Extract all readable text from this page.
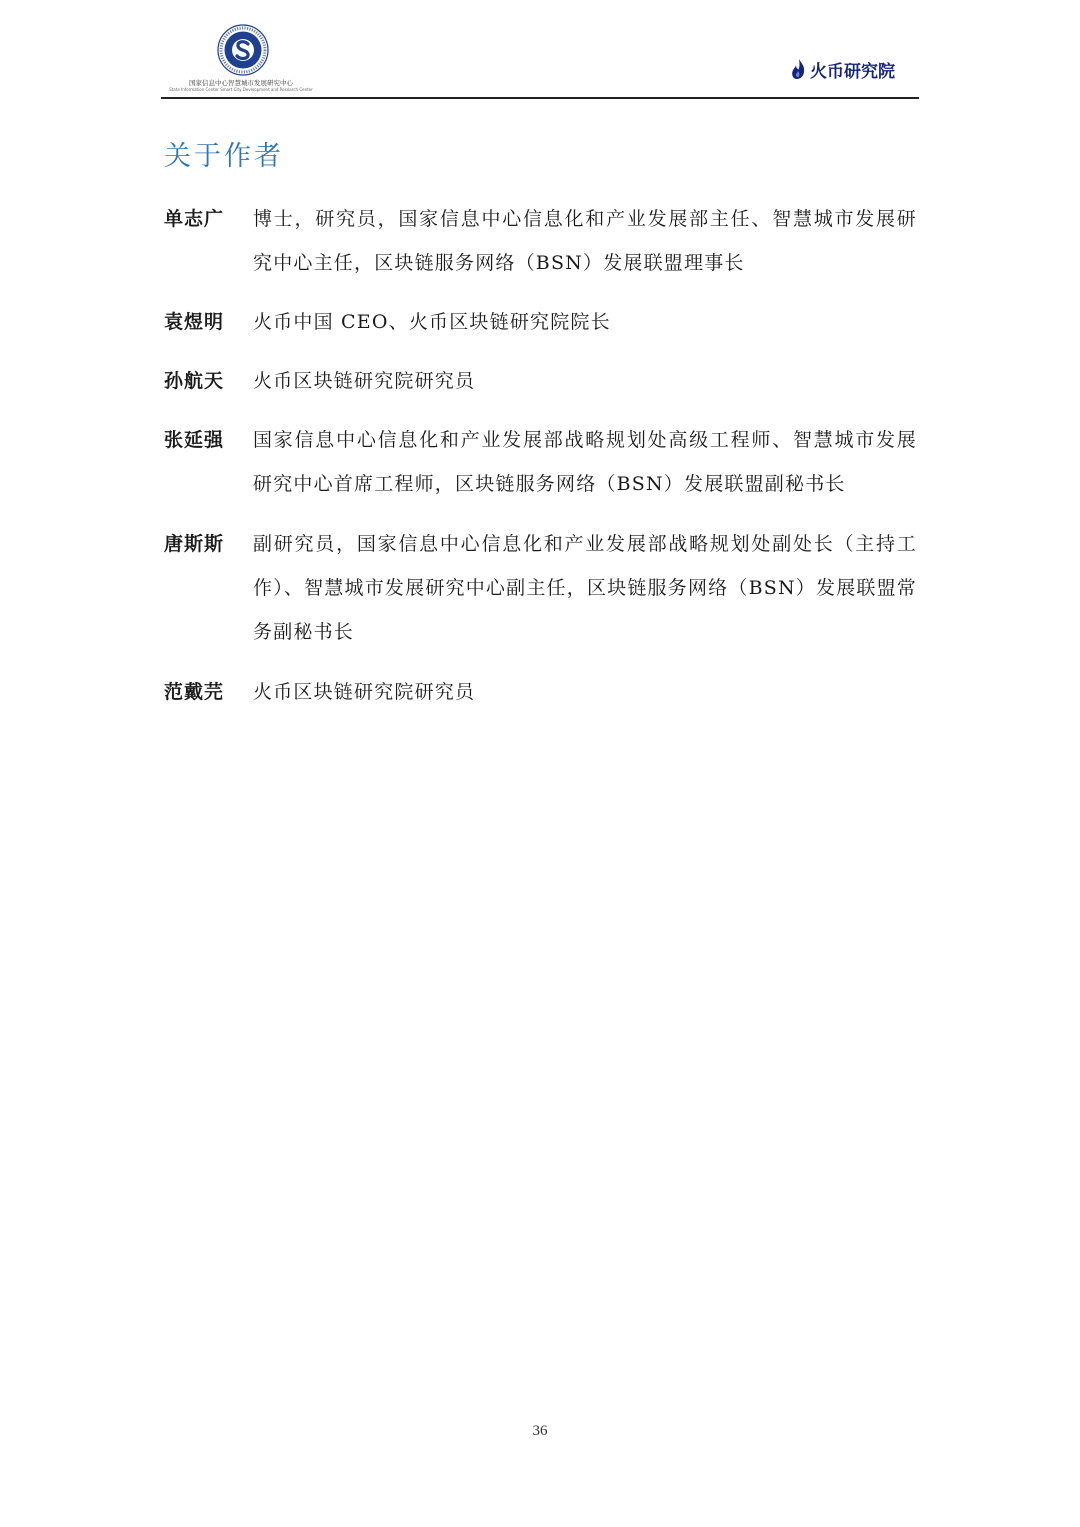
国家信息中心智慧城市发展研究中心
State Information Center Smart City Development and Research Center
火币研究院
关于作者
单志广 博士，研究员，国家信息中心信息化和产业发展部主任、智慧城市发展研究中心主任，区块链服务网络（BSN）发展联盟理事长

袁煜明 火币中国 CEO、火币区块链研究院院长

孙航天 火币区块链研究院研究员

张延强 国家信息中心信息化和产业发展部战略规划处高级工程师、智慧城市发展研究中心首席工程师，区块链服务网络（BSN）发展联盟副秘书长

唐斯斯 副研究员，国家信息中心信息化和产业发展部战略规划处副处长（主持工作）、智慧城市发展研究中心副主任，区块链服务网络（BSN）发展联盟常务副秘书长

范戴芫 火币区块链研究院研究员

36
